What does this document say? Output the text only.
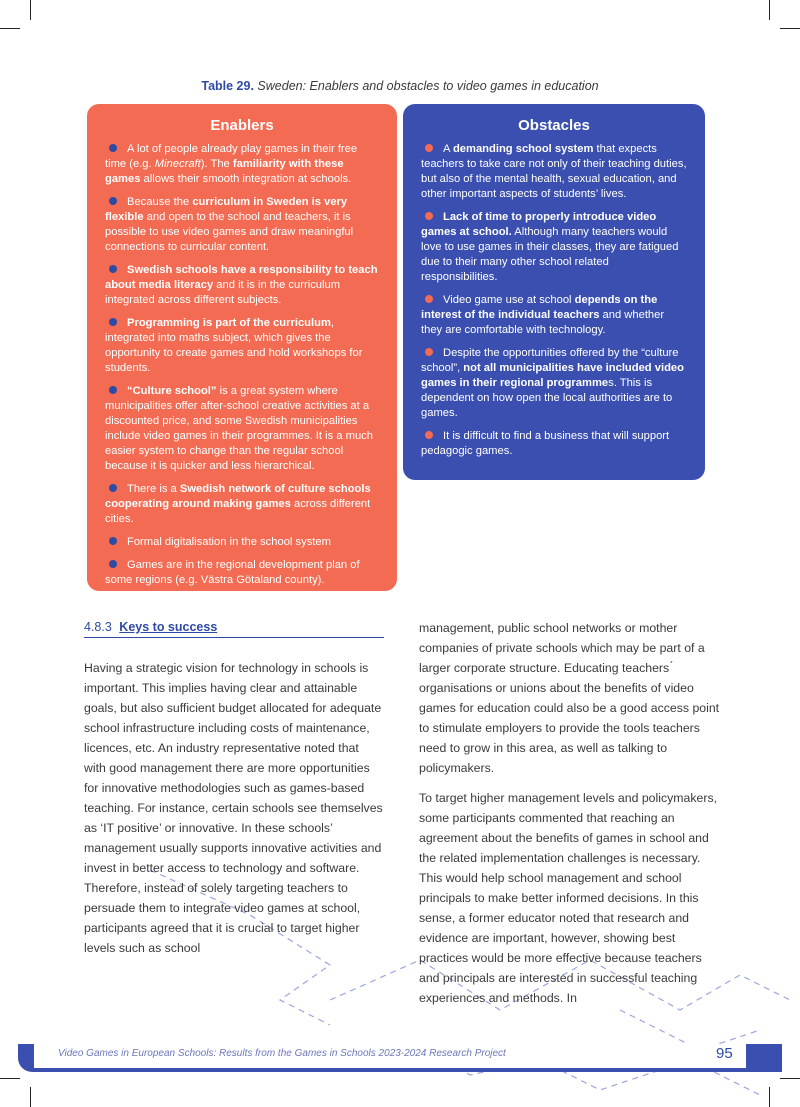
Table 29. Sweden: Enablers and obstacles to video games in education
Enablers
A lot of people already play games in their free time (e.g. Minecraft). The familiarity with these games allows their smooth integration at schools.
Because the curriculum in Sweden is very flexible and open to the school and teachers, it is possible to use video games and draw meaningful connections to curricular content.
Swedish schools have a responsibility to teach about media literacy and it is in the curriculum integrated across different subjects.
Programming is part of the curriculum, integrated into maths subject, which gives the opportunity to create games and hold workshops for students.
“Culture school” is a great system where municipalities offer after-school creative activities at a discounted price, and some Swedish municipalities include video games in their programmes. It is a much easier system to change than the regular school because it is quicker and less hierarchical.
There is a Swedish network of culture schools cooperating around making games across different cities.
Formal digitalisation in the school system
Games are in the regional development plan of some regions (e.g. Västra Götaland county).
Obstacles
A demanding school system that expects teachers to take care not only of their teaching duties, but also of the mental health, sexual education, and other important aspects of students’ lives.
Lack of time to properly introduce video games at school. Although many teachers would love to use games in their classes, they are fatigued due to their many other school related responsibilities.
Video game use at school depends on the interest of the individual teachers and whether they are comfortable with technology.
Despite the opportunities offered by the “culture school”, not all municipalities have included video games in their regional programmes. This is dependent on how open the local authorities are to games.
It is difficult to find a business that will support pedagogic games.
4.8.3 Keys to success

Having a strategic vision for technology in schools is important. This implies having clear and attainable goals, but also sufficient budget allocated for adequate school infrastructure including costs of maintenance, licences, etc. An industry representative noted that with good management there are more opportunities for innovative methodologies such as games-based teaching. For instance, certain schools see themselves as ‘IT positive’ or innovative. In these schools’ management usually supports innovative activities and invest in better access to technology and software. Therefore, instead of solely targeting teachers to persuade them to integrate video games at school, participants agreed that it is crucial to target higher levels such as school

management, public school networks or mother companies of private schools which may be part of a larger corporate structure. Educating teachers ́ organisations or unions about the benefits of video games for education could also be a good access point to stimulate employers to provide the tools teachers need to grow in this area, as well as talking to policymakers.

To target higher management levels and policymakers, some participants commented that reaching an agreement about the benefits of games in school and the related implementation challenges is necessary. This would help school management and school principals to make better informed decisions. In this sense, a former educator noted that research and evidence are important, however, showing best practices would be more effective because teachers and principals are interested in successful teaching experiences and methods. In

Video Games in European Schools: Results from the Games in Schools 2023-2024 Research Project	95
